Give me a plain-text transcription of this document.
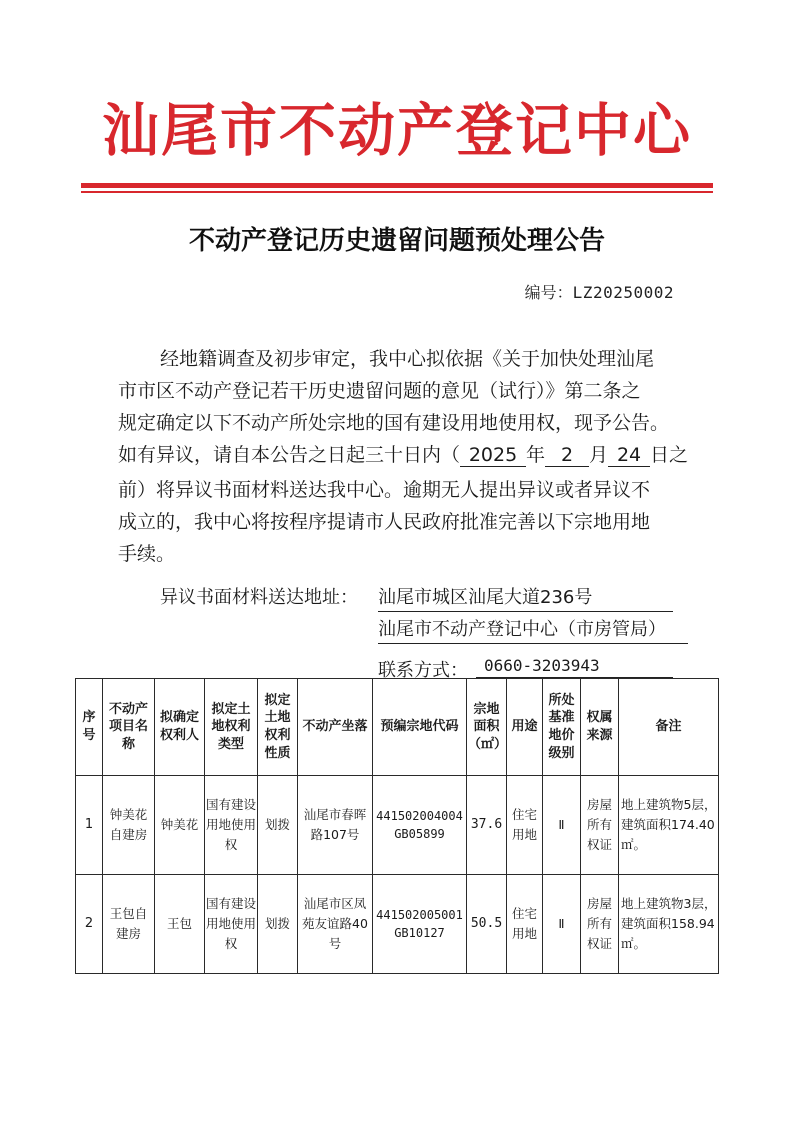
汕尾市不动产登记中心
不动产登记历史遗留问题预处理公告
编号：LZ20250002
经地籍调查及初步审定，我中心拟依据《关于加快处理汕尾
市市区不动产登记若干历史遗留问题的意见（试行）》第二条之
规定确定以下不动产所处宗地的国有建设用地使用权，现予公告。
如有异议，请自本公告之日起三十日内（ 2025 年 2 月 24 日之
前）将异议书面材料送达我中心。逾期无人提出异议或者异议不
成立的，我中心将按程序提请市人民政府批准完善以下宗地用地
手续。
异议书面材料送达地址： 汕尾市城区汕尾大道236号
汕尾市不动产登记中心（市房管局）
联系方式：	0660-3203943
序号	不动产项目名称	拟确定权利人	拟定土地权利类型	拟定土地权利性质	不动产坐落	预编宗地代码	宗地面积（㎡）	用途	所处基准地价级别	权属来源	备注
1	钟美花自建房	钟美花	国有建设用地使用权	划拨	汕尾市春晖路107号	441502004004GB05899	37.6	住宅用地	Ⅱ	房屋所有权证	地上建筑物5层，建筑面积174.40㎡。
2	王包自建房	王包	国有建设用地使用权	划拨	汕尾市区凤苑友谊路40号	441502005001GB10127	50.5	住宅用地	Ⅱ	房屋所有权证	地上建筑物3层，建筑面积158.94㎡。
